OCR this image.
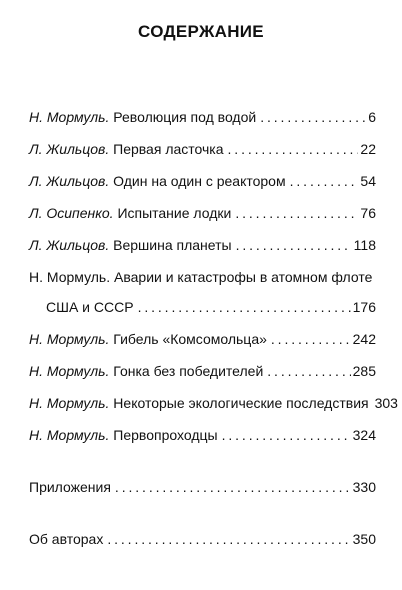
СОДЕРЖАНИЕ
Н. Мормуль. Революция под водой . . .	6
Л. Жильцов. Первая ласточка . . .	22
Л. Жильцов. Один на один с реактором . . .	54
Л. Осипенко. Испытание лодки . . .	76
Л. Жильцов. Вершина планеты . . .	118
Н. Мормуль. Аварии и катастрофы в атомном флоте
США и СССР . . .	176
Н. Мормуль. Гибель «Комсомольца» . . .	242
Н. Мормуль. Гонка без победителей . . .	285
Н. Мормуль. Некоторые экологические последствия 303
Н. Мормуль. Первопроходцы . . .	324
Приложения . . .	330
Об авторах . . .	350
